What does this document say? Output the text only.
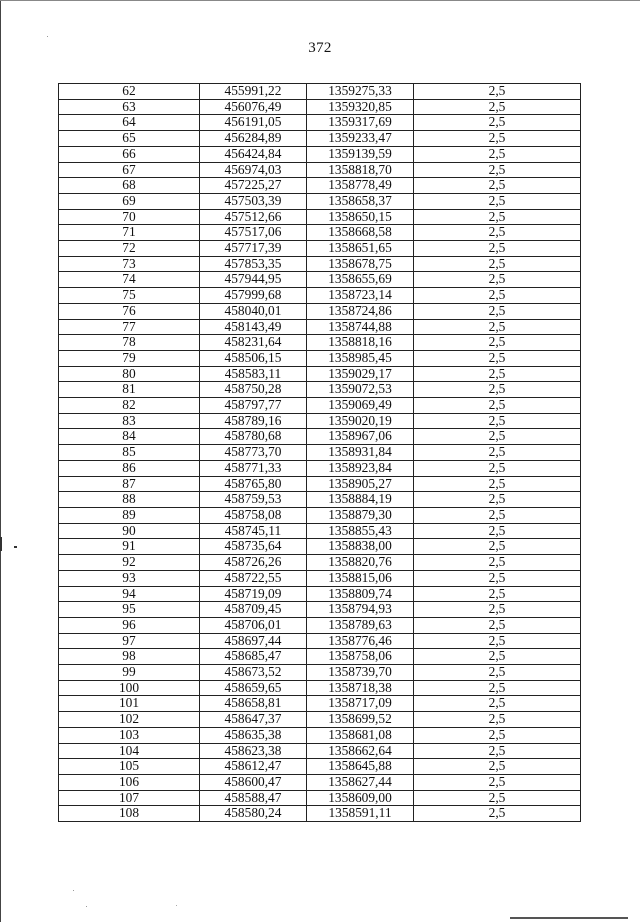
372
62	455991,22	1359275,33	2,5
63	456076,49	1359320,85	2,5
64	456191,05	1359317,69	2,5
65	456284,89	1359233,47	2,5
66	456424,84	1359139,59	2,5
67	456974,03	1358818,70	2,5
68	457225,27	1358778,49	2,5
69	457503,39	1358658,37	2,5
70	457512,66	1358650,15	2,5
71	457517,06	1358668,58	2,5
72	457717,39	1358651,65	2,5
73	457853,35	1358678,75	2,5
74	457944,95	1358655,69	2,5
75	457999,68	1358723,14	2,5
76	458040,01	1358724,86	2,5
77	458143,49	1358744,88	2,5
78	458231,64	1358818,16	2,5
79	458506,15	1358985,45	2,5
80	458583,11	1359029,17	2,5
81	458750,28	1359072,53	2,5
82	458797,77	1359069,49	2,5
83	458789,16	1359020,19	2,5
84	458780,68	1358967,06	2,5
85	458773,70	1358931,84	2,5
86	458771,33	1358923,84	2,5
87	458765,80	1358905,27	2,5
88	458759,53	1358884,19	2,5
89	458758,08	1358879,30	2,5
90	458745,11	1358855,43	2,5
91	458735,64	1358838,00	2,5
92	458726,26	1358820,76	2,5
93	458722,55	1358815,06	2,5
94	458719,09	1358809,74	2,5
95	458709,45	1358794,93	2,5
96	458706,01	1358789,63	2,5
97	458697,44	1358776,46	2,5
98	458685,47	1358758,06	2,5
99	458673,52	1358739,70	2,5
100	458659,65	1358718,38	2,5
101	458658,81	1358717,09	2,5
102	458647,37	1358699,52	2,5
103	458635,38	1358681,08	2,5
104	458623,38	1358662,64	2,5
105	458612,47	1358645,88	2,5
106	458600,47	1358627,44	2,5
107	458588,47	1358609,00	2,5
108	458580,24	1358591,11	2,5
